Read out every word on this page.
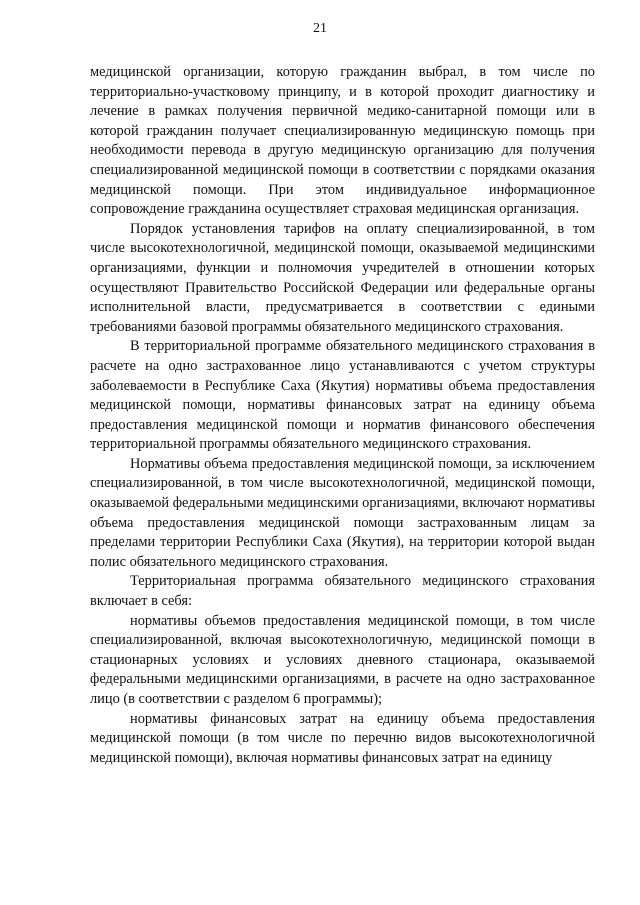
21

медицинской организации, которую гражданин выбрал, в том числе по территориально-участковому принципу, и в которой проходит диагностику и лечение в рамках получения первичной медико-санитарной помощи или в которой гражданин получает специализированную медицинскую помощь при необходимости перевода в другую медицинскую организацию для получения специализированной медицинской помощи в соответствии с порядками оказания медицинской помощи. При этом индивидуальное информационное сопровождение гражданина осуществляет страховая медицинская организация.

Порядок установления тарифов на оплату специализированной, в том числе высокотехнологичной, медицинской помощи, оказываемой медицинскими организациями, функции и полномочия учредителей в отношении которых осуществляют Правительство Российской Федерации или федеральные органы исполнительной власти, предусматривается в соответствии с едиными требованиями базовой программы обязательного медицинского страхования.

В территориальной программе обязательного медицинского страхования в расчете на одно застрахованное лицо устанавливаются с учетом структуры заболеваемости в Республике Саха (Якутия) нормативы объема предоставления медицинской помощи, нормативы финансовых затрат на единицу объема предоставления медицинской помощи и норматив финансового обеспечения территориальной программы обязательного медицинского страхования.

Нормативы объема предоставления медицинской помощи, за исключением специализированной, в том числе высокотехнологичной, медицинской помощи, оказываемой федеральными медицинскими организациями, включают нормативы объема предоставления медицинской помощи застрахованным лицам за пределами территории Республики Саха (Якутия), на территории которой выдан полис обязательного медицинского страхования.

Территориальная программа обязательного медицинского страхования включает в себя:

нормативы объемов предоставления медицинской помощи, в том числе специализированной, включая высокотехнологичную, медицинской помощи в стационарных условиях и условиях дневного стационара, оказываемой федеральными медицинскими организациями, в расчете на одно застрахованное лицо (в соответствии с разделом 6 программы);

нормативы финансовых затрат на единицу объема предоставления медицинской помощи (в том числе по перечню видов высокотехнологичной медицинской помощи), включая нормативы финансовых затрат на единицу
